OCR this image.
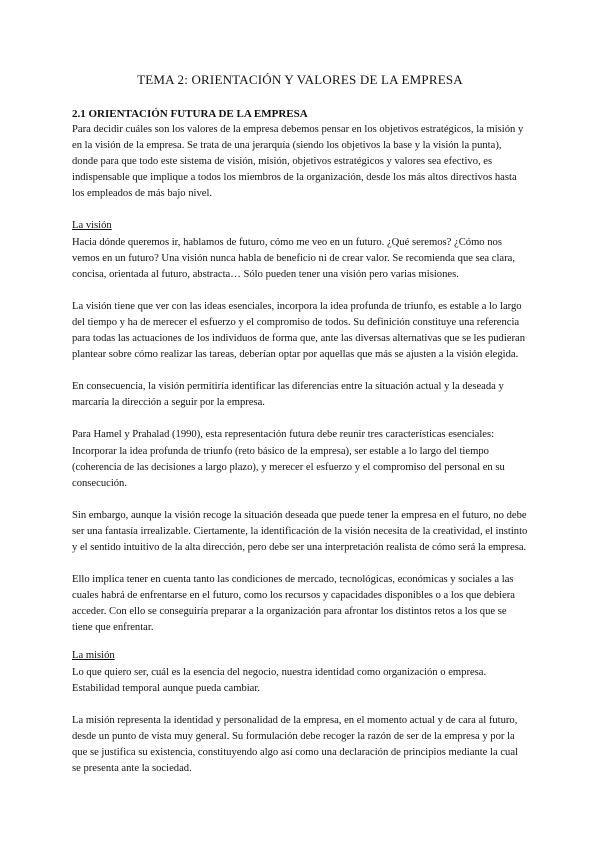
TEMA 2: ORIENTACIÓN Y VALORES DE LA EMPRESA
2.1 ORIENTACIÓN FUTURA DE LA EMPRESA

Para decidir cuáles son los valores de la empresa debemos pensar en los objetivos estratégicos, la misión y en la visión de la empresa. Se trata de una jerarquía (siendo los objetivos la base y la visión la punta), donde para que todo este sistema de visión, misión, objetivos estratégicos y valores sea efectivo, es indispensable que implique a todos los miembros de la organización, desde los más altos directivos hasta los empleados de más bajo nivel.

La visión

Hacia dónde queremos ir, hablamos de futuro, cómo me veo en un futuro. ¿Qué seremos? ¿Cómo nos vemos en un futuro? Una visión nunca habla de beneficio ni de crear valor. Se recomienda que sea clara, concisa, orientada al futuro, abstracta… Sólo pueden tener una visión pero varias misiones.

La visión tiene que ver con las ideas esenciales, incorpora la idea profunda de triunfo, es estable a lo largo del tiempo y ha de merecer el esfuerzo y el compromiso de todos. Su definición constituye una referencia para todas las actuaciones de los individuos de forma que, ante las diversas alternativas que se les pudieran plantear sobre cómo realizar las tareas, deberían optar por aquellas que más se ajusten a la visión elegida.

En consecuencia, la visión permitiría identificar las diferencias entre la situación actual y la deseada y marcaría la dirección a seguir por la empresa.

Para Hamel y Prahalad (1990), esta representación futura debe reunir tres características esenciales: Incorporar la idea profunda de triunfo (reto básico de la empresa), ser estable a lo largo del tiempo (coherencia de las decisiones a largo plazo), y merecer el esfuerzo y el compromiso del personal en su consecución.

Sin embargo, aunque la visión recoge la situación deseada que puede tener la empresa en el futuro, no debe ser una fantasía irrealizable. Ciertamente, la identificación de la visión necesita de la creatividad, el instinto y el sentido intuitivo de la alta dirección, pero debe ser una interpretación realista de cómo será la empresa.

Ello implica tener en cuenta tanto las condiciones de mercado, tecnológicas, económicas y sociales a las cuales habrá de enfrentarse en el futuro, como los recursos y capacidades disponibles o a los que debiera acceder. Con ello se conseguiría preparar a la organización para afrontar los distintos retos a los que se tiene que enfrentar.

La misión

Lo que quiero ser, cuál es la esencia del negocio, nuestra identidad como organización o empresa. Estabilidad temporal aunque pueda cambiar.

La misión representa la identidad y personalidad de la empresa, en el momento actual y de cara al futuro, desde un punto de vista muy general. Su formulación debe recoger la razón de ser de la empresa y por la que se justifica su existencia, constituyendo algo así como una declaración de principios mediante la cual se presenta ante la sociedad.
